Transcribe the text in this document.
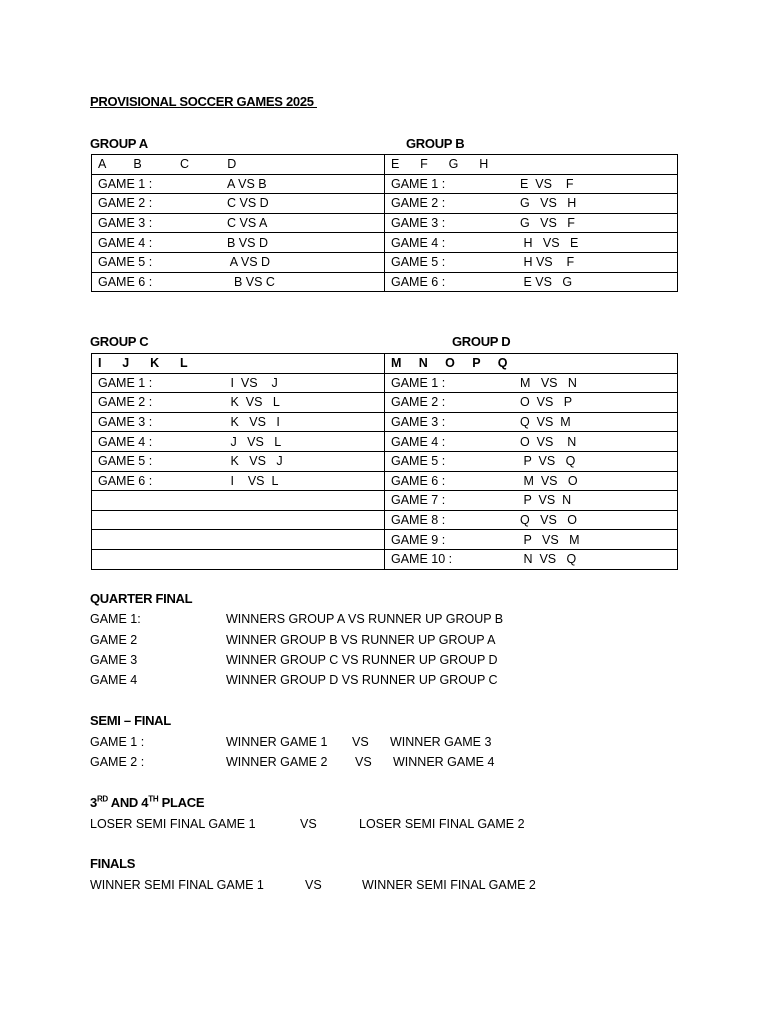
PROVISIONAL SOCCER GAMES 2025
GROUP A	GROUP B
A        B           C           D	E      F      G      H
GAME 1 : A VS B	GAME 1 : E  VS    F
GAME 2 : C VS D	GAME 2 : G   VS   H
GAME 3 : C VS A	GAME 3 : G   VS   F
GAME 4 : B VS D	GAME 4 : H   VS   E
GAME 5 : A VS D	GAME 5 : H VS    F
GAME 6 : B VS C	GAME 6 : E VS   G
GROUP C	GROUP D
I      J      K      L	M     N     O     P     Q
GAME 1 : I  VS    J	GAME 1 : M   VS   N
GAME 2 : K  VS   L	GAME 2 : O  VS   P
GAME 3 : K   VS   I	GAME 3 : Q  VS  M
GAME 4 : J   VS   L	GAME 4 : O  VS    N
GAME 5 : K   VS   J	GAME 5 : P  VS   Q
GAME 6 : I    VS  L	GAME 6 : M  VS   O
	GAME 7 : P  VS  N
	GAME 8 : Q   VS   O
	GAME 9 : P   VS   M
	GAME 10 : N  VS   Q
QUARTER FINAL
GAME 1:	WINNERS GROUP A VS RUNNER UP GROUP B
GAME 2	WINNER GROUP B VS RUNNER UP GROUP A
GAME 3	WINNER GROUP C VS RUNNER UP GROUP D
GAME 4	WINNER GROUP D VS RUNNER UP GROUP C
SEMI – FINAL
GAME 1 :	WINNER GAME 1 VS WINNER GAME 3
GAME 2 :	WINNER GAME 2 VS WINNER GAME 4
3RD AND 4TH PLACE
LOSER SEMI FINAL GAME 1	VS	LOSER SEMI FINAL GAME 2
FINALS
WINNER SEMI FINAL GAME 1	VS	WINNER SEMI FINAL GAME 2
